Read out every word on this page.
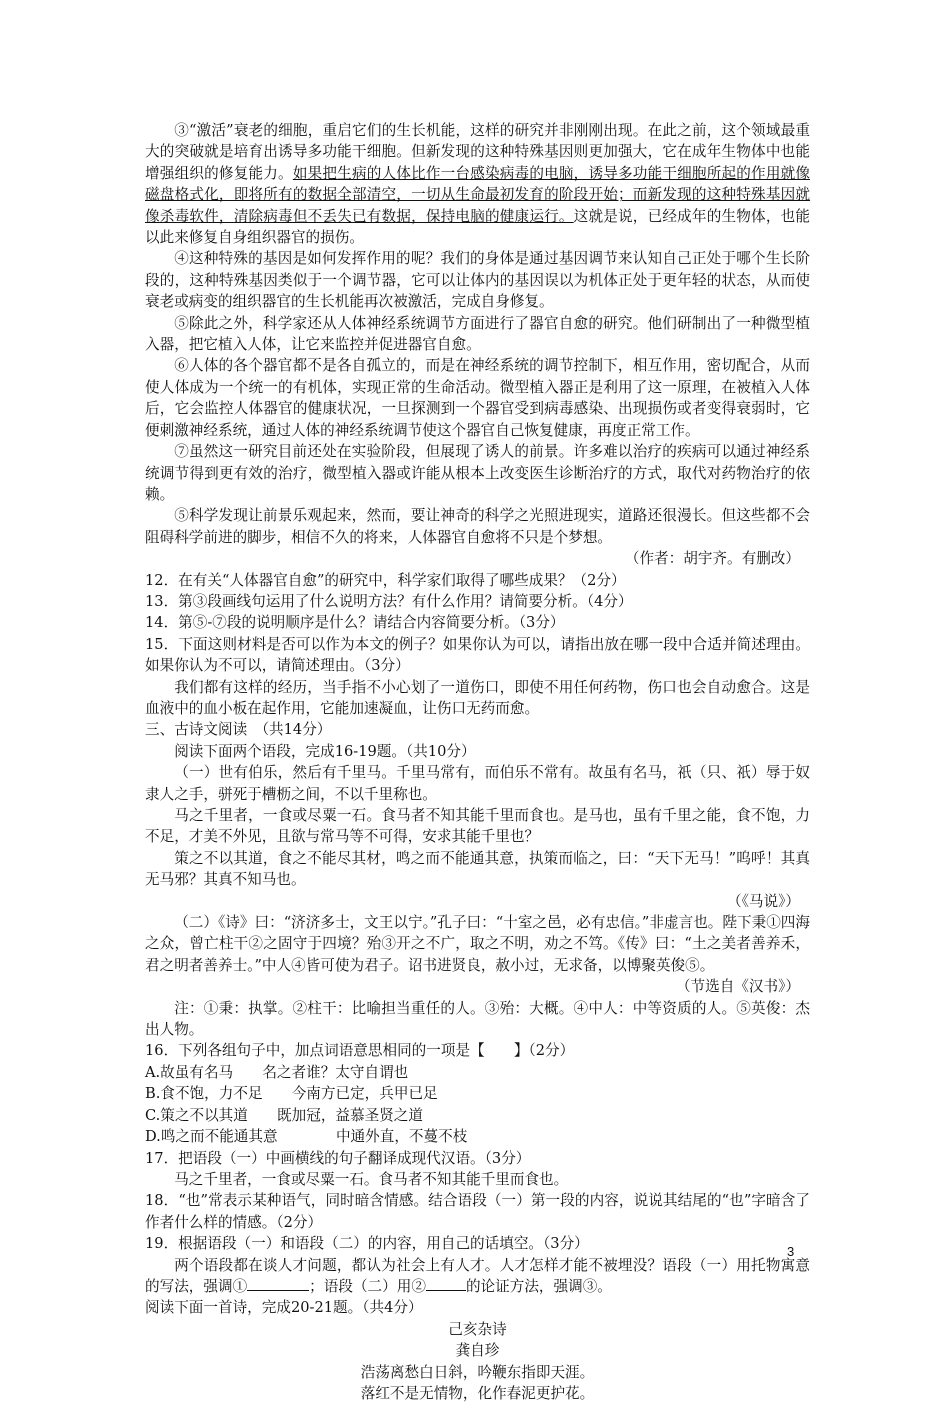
③“激活”衰老的细胞，重启它们的生长机能，这样的研究并非刚刚出现。在此之前，这个领域最重大的突破就是培育出诱导多功能干细胞。但新发现的这种特殊基因则更加强大，它在成年生物体中也能增强组织的修复能力。如果把生病的人体比作一台感染病毒的电脑，诱导多功能干细胞所起的作用就像磁盘格式化，即将所有的数据全部清空，一切从生命最初发育的阶段开始；而新发现的这种特殊基因就像杀毒软件，清除病毒但不丢失已有数据，保持电脑的健康运行。这就是说，已经成年的生物体，也能以此来修复自身组织器官的损伤。

④这种特殊的基因是如何发挥作用的呢？我们的身体是通过基因调节来认知自己正处于哪个生长阶段的，这种特殊基因类似于一个调节器，它可以让体内的基因误以为机体正处于更年轻的状态，从而使衰老或病变的组织器官的生长机能再次被激活，完成自身修复。

⑤除此之外，科学家还从人体神经系统调节方面进行了器官自愈的研究。他们研制出了一种微型植入器，把它植入人体，让它来监控并促进器官自愈。

⑥人体的各个器官都不是各自孤立的，而是在神经系统的调节控制下，相互作用，密切配合，从而使人体成为一个统一的有机体，实现正常的生命活动。微型植入器正是利用了这一原理，在被植入人体后，它会监控人体器官的健康状况，一旦探测到一个器官受到病毒感染、出现损伤或者变得衰弱时，它便刺激神经系统，通过人体的神经系统调节使这个器官自己恢复健康，再度正常工作。

⑦虽然这一研究目前还处在实验阶段，但展现了诱人的前景。许多难以治疗的疾病可以通过神经系统调节得到更有效的治疗，微型植入器或许能从根本上改变医生诊断治疗的方式，取代对药物治疗的依赖。

⑤科学发现让前景乐观起来，然而，要让神奇的科学之光照进现实，道路还很漫长。但这些都不会阻碍科学前进的脚步，相信不久的将来，人体器官自愈将不只是个梦想。

（作者：胡宇齐。有删改）

12．在有关“人体器官自愈”的研究中，科学家们取得了哪些成果？（2分）

13．第③段画线句运用了什么说明方法？有什么作用？请简要分析。（4分）

14．第⑤-⑦段的说明顺序是什么？请结合内容简要分析。（3分）

15．下面这则材料是否可以作为本文的例子？如果你认为可以，请指出放在哪一段中合适并简述理由。如果你认为不可以，请简述理由。（3分）

我们都有这样的经历，当手指不小心划了一道伤口，即使不用任何药物，伤口也会自动愈合。这是血液中的血小板在起作用，它能加速凝血，让伤口无药而愈。

三、古诗文阅读　（共14分）

阅读下面两个语段，完成16-19题。（共10分）

（一）世有伯乐，然后有千里马。千里马常有，而伯乐不常有。故虽有名马，祇（只、祇）辱于奴隶人之手，骈死于槽枥之间，不以千里称也。

马之千里者，一食或尽粟一石。食马者不知其能千里而食也。是马也，虽有千里之能，食不饱，力不足，才美不外见，且欲与常马等不可得，安求其能千里也？

策之不以其道，食之不能尽其材，鸣之而不能通其意，执策而临之，曰：“天下无马！”呜呼！其真无马邪？其真不知马也。

（《马说》）

（二）《诗》曰：“济济多士，文王以宁。”孔子曰：“十室之邑，必有忠信。”非虚言也。陛下秉①四海之众，曾亡柱干②之固守于四境？殆③开之不广，取之不明，劝之不笃。《传》曰：“土之美者善养禾，君之明者善养士。”中人④皆可使为君子。诏书进贤良，赦小过，无求备，以博聚英俊⑤。

（节选自《汉书》）

注：①秉：执掌。②柱干：比喻担当重任的人。③殆：大概。④中人：中等资质的人。⑤英俊：杰出人物。

16．下列各组句子中，加点词语意思相同的一项是【　　】（2分）

A.故虽有名马　　名之者谁？太守自谓也

B.食不饱，力不足　　今南方已定，兵甲已足

C.策之不以其道　　既加冠，益慕圣贤之道

D.鸣之而不能通其意　　　　中通外直，不蔓不枝

17．把语段（一）中画横线的句子翻译成现代汉语。（3分）

马之千里者，一食或尽粟一石。食马者不知其能千里而食也。

18．“也”常表示某种语气，同时暗含情感。结合语段（一）第一段的内容，说说其结尾的“也”字暗含了作者什么样的情感。（2分）

19．根据语段（一）和语段（二）的内容，用自己的话填空。（3分）

两个语段都在谈人才问题，都认为社会上有人才。人才怎样才能不被埋没？语段（一）用托物寓意的写法，强调①	；语段（二）用②	的论证方法，强调③。

阅读下面一首诗，完成20-21题。（共4分）

己亥杂诗

龚自珍

浩荡离愁白日斜，吟鞭东指即天涯。

落红不是无情物，化作春泥更护花。

3
